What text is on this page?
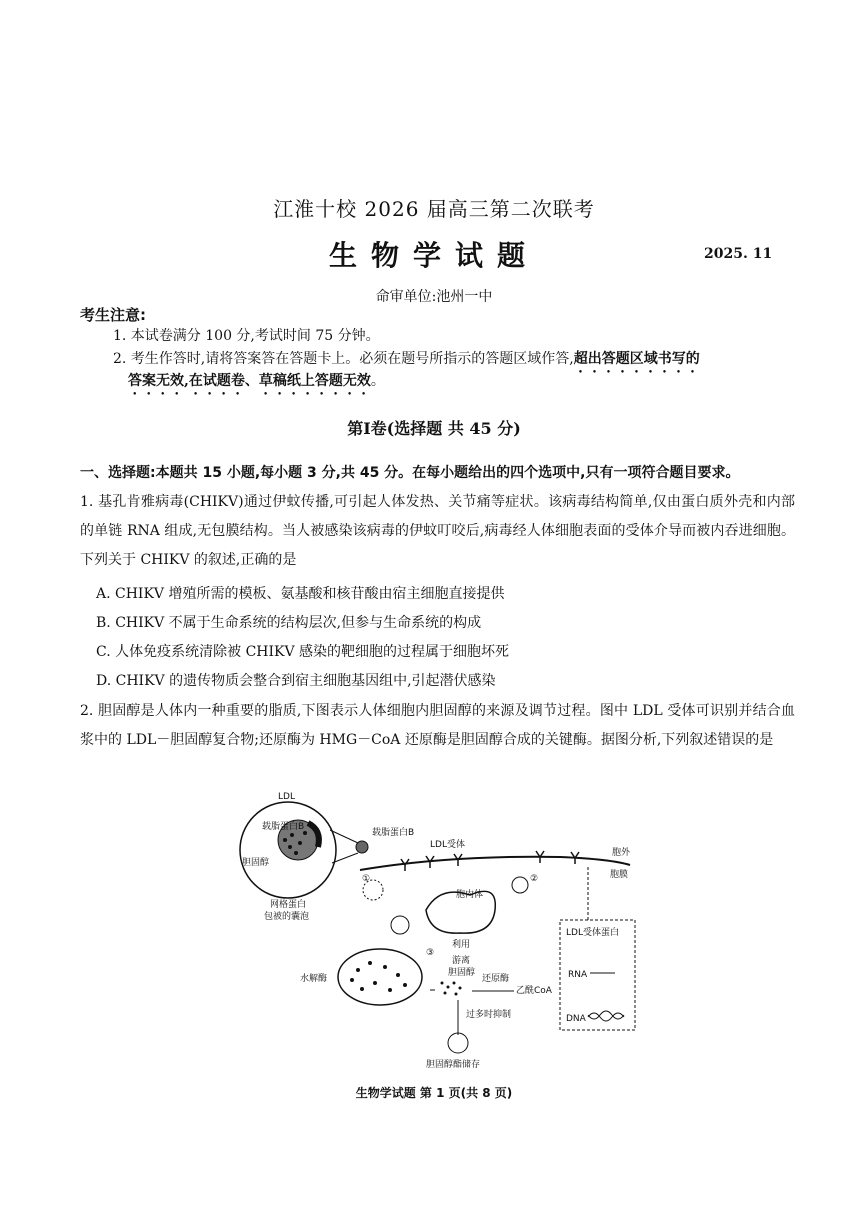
江淮十校 2026 届高三第二次联考
生物学试题	2025. 11
命审单位:池州一中
考生注意:
1. 本试卷满分 100 分,考试时间 75 分钟。
2. 考生作答时,请将答案答在答题卡上。必须在题号所指示的答题区域作答,超出答题区域书写的
答案无效,在试题卷、草稿纸上答题无效。
第Ⅰ卷(选择题 共 45 分)
一、选择题:本题共 15 小题,每小题 3 分,共 45 分。在每小题给出的四个选项中,只有一项符合题目要求。
1. 基孔肯雅病毒(CHIKV)通过伊蚊传播,可引起人体发热、关节痛等症状。该病毒结构简单,仅由蛋白质外壳和内部的单链 RNA 组成,无包膜结构。当人被感染该病毒的伊蚊叮咬后,病毒经人体细胞表面的受体介导而被内吞进细胞。下列关于 CHIKV 的叙述,正确的是
A. CHIKV 增殖所需的模板、氨基酸和核苷酸由宿主细胞直接提供
B. CHIKV 不属于生命系统的结构层次,但参与生命系统的构成
C. 人体免疫系统清除被 CHIKV 感染的靶细胞的过程属于细胞坏死
D. CHIKV 的遗传物质会整合到宿主细胞基因组中,引起潜伏感染
2. 胆固醇是人体内一种重要的脂质,下图表示人体细胞内胆固醇的来源及调节过程。图中 LDL 受体可识别并结合血浆中的 LDL－胆固醇复合物;还原酶为 HMG－CoA 还原酶是胆固醇合成的关键酶。据图分析,下列叙述错误的是
LDL
载脂蛋白B
胆固醇
载脂蛋白B
LDL受体
胞外
胞膜
网格蛋白
包被的囊泡
①
胞内体
②
③
水解酶
利用
游离
胆固醇
还原酶
乙酰CoA
过多时抑制
胆固醇酯储存
LDL受体蛋白
RNA
DNA
生物学试题 第 1 页(共 8 页)
